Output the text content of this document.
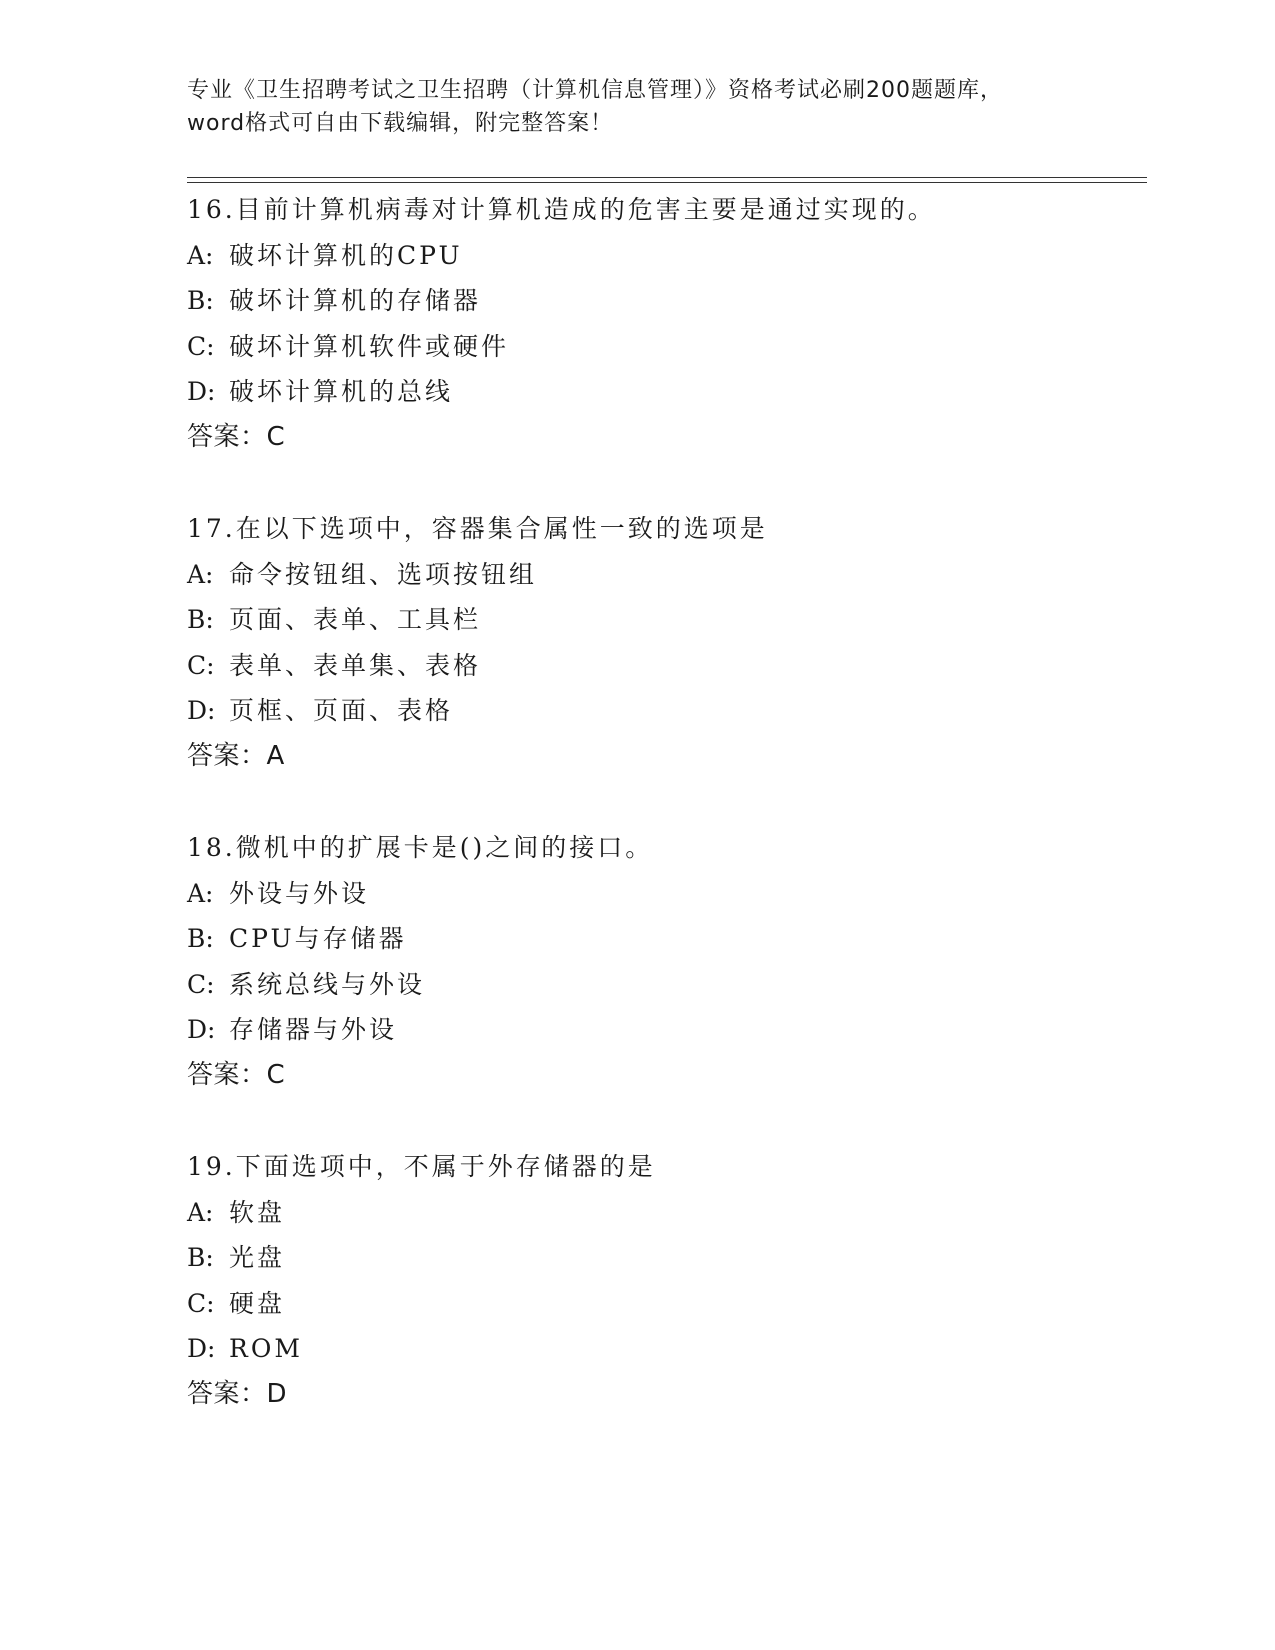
专业《卫生招聘考试之卫生招聘（计算机信息管理）》资格考试必刷200题题库，
word格式可自由下载编辑，附完整答案！
16.目前计算机病毒对计算机造成的危害主要是通过实现的。
A: 破坏计算机的CPU
B: 破坏计算机的存储器
C: 破坏计算机软件或硬件
D: 破坏计算机的总线
答案：C
17.在以下选项中，容器集合属性一致的选项是
A: 命令按钮组、选项按钮组
B: 页面、表单、工具栏
C: 表单、表单集、表格
D: 页框、页面、表格
答案：A
18.微机中的扩展卡是()之间的接口。
A: 外设与外设
B: CPU与存储器
C: 系统总线与外设
D: 存储器与外设
答案：C
19.下面选项中，不属于外存储器的是
A: 软盘
B: 光盘
C: 硬盘
D: ROM
答案：D
